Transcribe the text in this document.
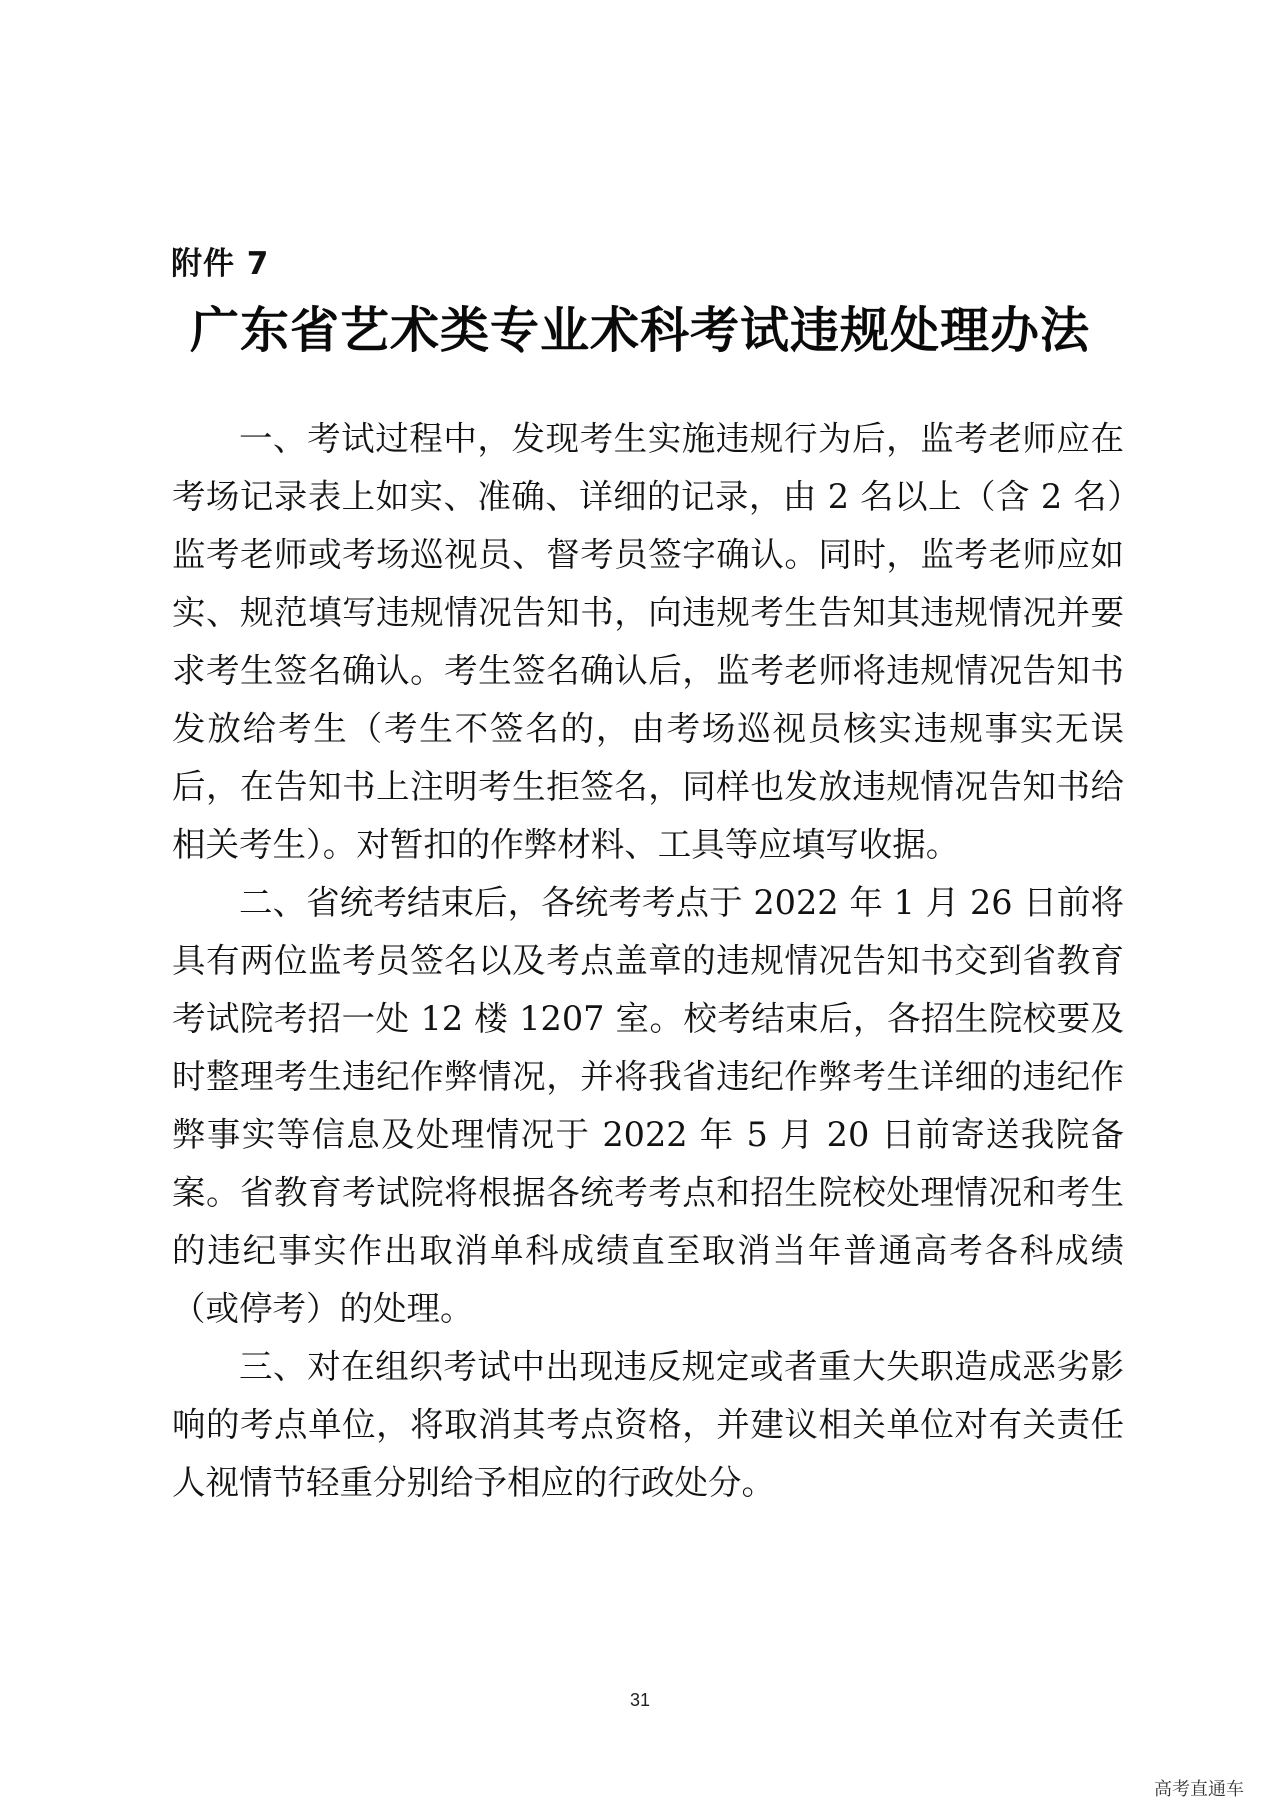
附件 7
广东省艺术类专业术科考试违规处理办法

一、考试过程中，发现考生实施违规行为后，监考老师应在考场记录表上如实、准确、详细的记录，由 2 名以上（含 2 名）监考老师或考场巡视员、督考员签字确认。同时，监考老师应如实、规范填写违规情况告知书，向违规考生告知其违规情况并要求考生签名确认。考生签名确认后，监考老师将违规情况告知书发放给考生（考生不签名的，由考场巡视员核实违规事实无误后，在告知书上注明考生拒签名，同样也发放违规情况告知书给相关考生）。对暂扣的作弊材料、工具等应填写收据。

二、省统考结束后，各统考考点于 2022 年 1 月 26 日前将具有两位监考员签名以及考点盖章的违规情况告知书交到省教育考试院考招一处 12 楼 1207 室。校考结束后，各招生院校要及时整理考生违纪作弊情况，并将我省违纪作弊考生详细的违纪作弊事实等信息及处理情况于 2022 年 5 月 20 日前寄送我院备案。省教育考试院将根据各统考考点和招生院校处理情况和考生的违纪事实作出取消单科成绩直至取消当年普通高考各科成绩（或停考）的处理。

三、对在组织考试中出现违反规定或者重大失职造成恶劣影响的考点单位，将取消其考点资格，并建议相关单位对有关责任人视情节轻重分别给予相应的行政处分。

31
高考直通车
